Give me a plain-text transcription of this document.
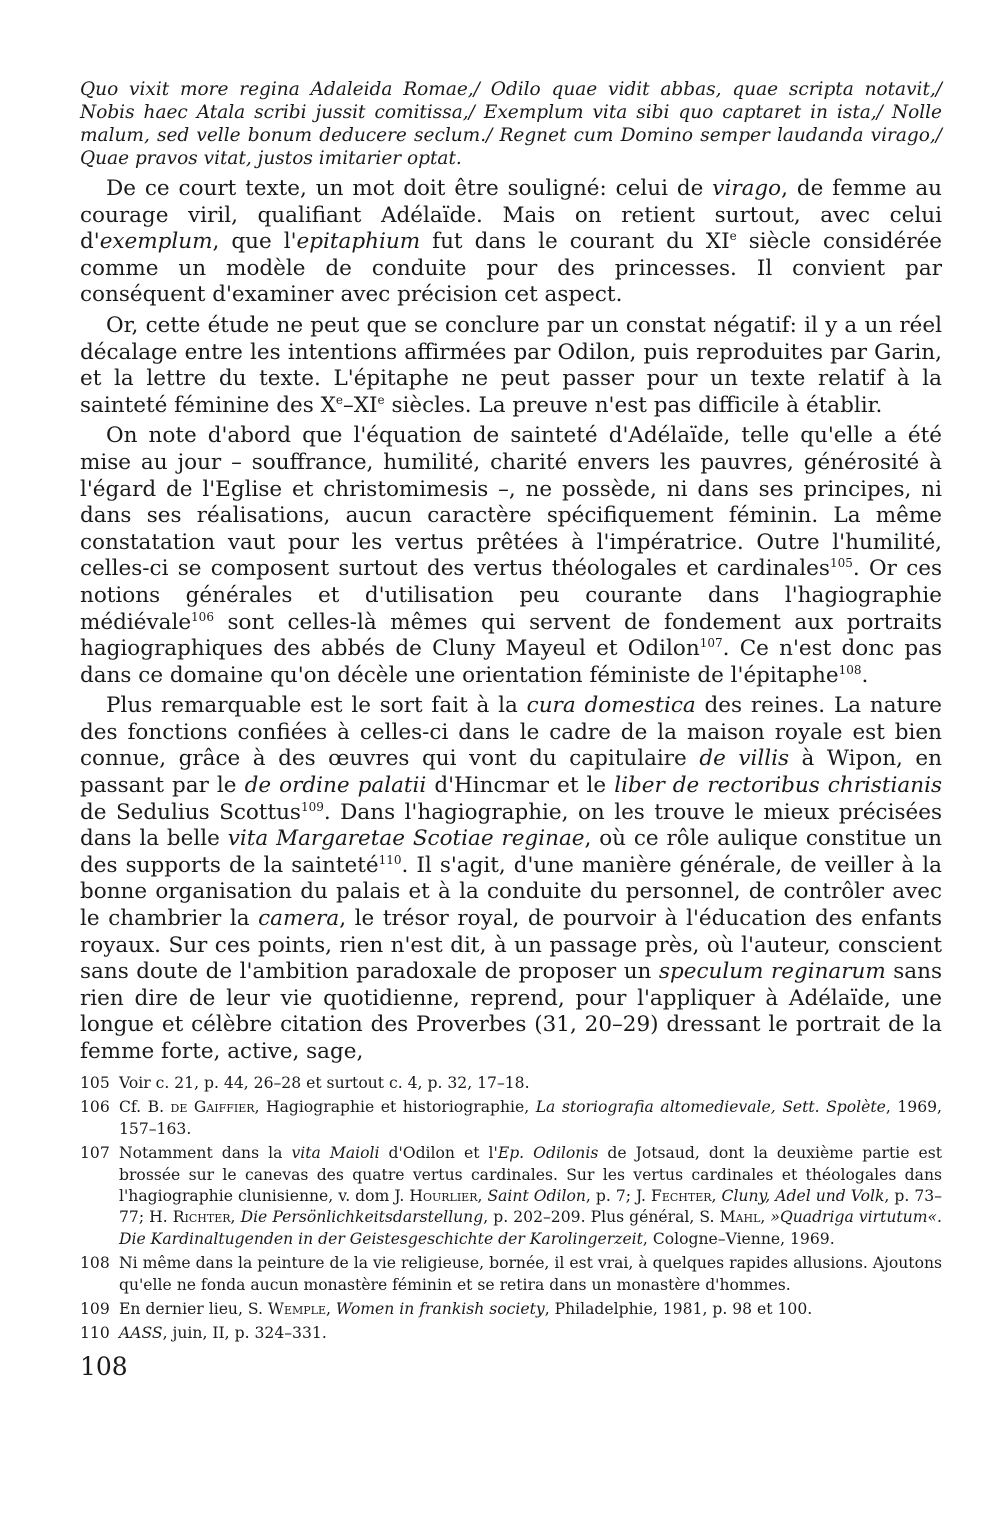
Quo vixit more regina Adaleida Romae,/ Odilo quae vidit abbas, quae scripta notavit,/ Nobis haec Atala scribi jussit comitissa,/ Exemplum vita sibi quo captaret in ista,/ Nolle malum, sed velle bonum deducere seclum./ Regnet cum Domino semper laudanda virago,/ Quae pravos vitat, justos imitarier optat.

De ce court texte, un mot doit être souligné: celui de virago, de femme au courage viril, qualifiant Adélaïde. Mais on retient surtout, avec celui d'exemplum, que l'epitaphium fut dans le courant du XIe siècle considérée comme un modèle de conduite pour des princesses. Il convient par conséquent d'examiner avec précision cet aspect.

Or, cette étude ne peut que se conclure par un constat négatif: il y a un réel décalage entre les intentions affirmées par Odilon, puis reproduites par Garin, et la lettre du texte. L'épitaphe ne peut passer pour un texte relatif à la sainteté féminine des Xe–XIe siècles. La preuve n'est pas difficile à établir.

On note d'abord que l'équation de sainteté d'Adélaïde, telle qu'elle a été mise au jour – souffrance, humilité, charité envers les pauvres, générosité à l'égard de l'Eglise et christomimesis –, ne possède, ni dans ses principes, ni dans ses réalisations, aucun caractère spécifiquement féminin. La même constatation vaut pour les vertus prêtées à l'impératrice. Outre l'humilité, celles-ci se composent surtout des vertus théologales et cardinales$^{105}$. Or ces notions générales et d'utilisation peu courante dans l'hagiographie médiévale$^{106}$ sont celles-là mêmes qui servent de fondement aux portraits hagiographiques des abbés de Cluny Mayeul et Odilon$^{107}$. Ce n'est donc pas dans ce domaine qu'on décèle une orientation féministe de l'épitaphe$^{108}$.

Plus remarquable est le sort fait à la cura domestica des reines. La nature des fonctions confiées à celles-ci dans le cadre de la maison royale est bien connue, grâce à des œuvres qui vont du capitulaire de villis à Wipon, en passant par le de ordine palatii d'Hincmar et le liber de rectoribus christianis de Sedulius Scottus$^{109}$. Dans l'hagiographie, on les trouve le mieux précisées dans la belle vita Margaretae Scotiae reginae, où ce rôle aulique constitue un des supports de la sainteté$^{110}$. Il s'agit, d'une manière générale, de veiller à la bonne organisation du palais et à la conduite du personnel, de contrôler avec le chambrier la camera, le trésor royal, de pourvoir à l'éducation des enfants royaux. Sur ces points, rien n'est dit, à un passage près, où l'auteur, conscient sans doute de l'ambition paradoxale de proposer un speculum reginarum sans rien dire de leur vie quotidienne, reprend, pour l'appliquer à Adélaïde, une longue et célèbre citation des Proverbes (31, 20–29) dressant le portrait de la femme forte, active, sage,

105 Voir c. 21, p. 44, 26–28 et surtout c. 4, p. 32, 17–18.
106 Cf. B. de Gaiffier, Hagiographie et historiographie, La storiografia altomedievale, Sett. Spolète, 1969, 157–163.
107 Notamment dans la vita Maioli d'Odilon et l'Ep. Odilonis de Jotsaud, dont la deuxième partie est brossée sur le canevas des quatre vertus cardinales. Sur les vertus cardinales et théologales dans l'hagiographie clunisienne, v. dom J. Hourlier, Saint Odilon, p. 7; J. Fechter, Cluny, Adel und Volk, p. 73–77; H. Richter, Die Persönlichkeitsdarstellung, p. 202–209. Plus général, S. Mahl, »Quadriga virtutum«. Die Kardinaltugenden in der Geistesgeschichte der Karolingerzeit, Cologne–Vienne, 1969.
108 Ni même dans la peinture de la vie religieuse, bornée, il est vrai, à quelques rapides allusions. Ajoutons qu'elle ne fonda aucun monastère féminin et se retira dans un monastère d'hommes.
109 En dernier lieu, S. Wemple, Women in frankish society, Philadelphie, 1981, p. 98 et 100.
110 AASS, juin, II, p. 324–331.
108
